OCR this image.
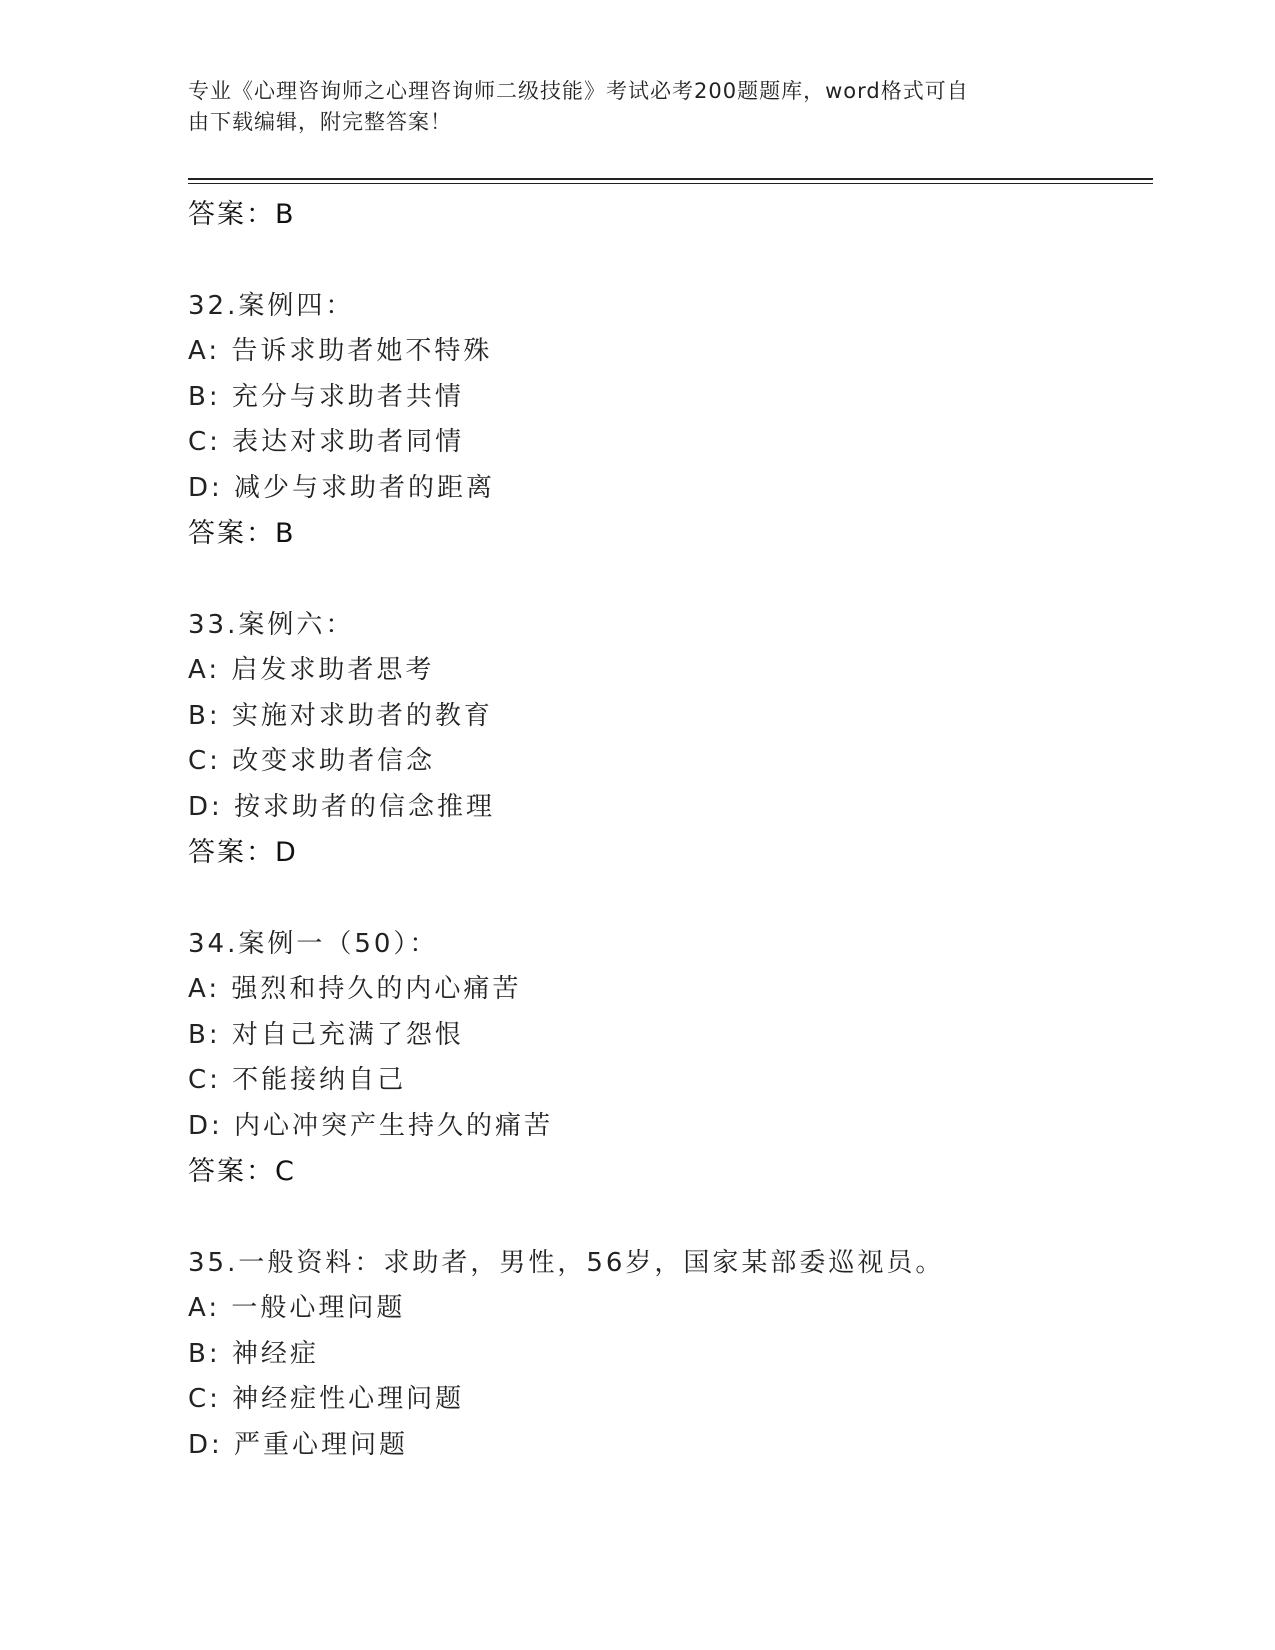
专业《心理咨询师之心理咨询师二级技能》考试必考200题题库，word格式可自
由下载编辑，附完整答案！
答案：B
32.案例四：
A: 告诉求助者她不特殊
B: 充分与求助者共情
C: 表达对求助者同情
D: 减少与求助者的距离
答案：B
33.案例六：
A: 启发求助者思考
B: 实施对求助者的教育
C: 改变求助者信念
D: 按求助者的信念推理
答案：D
34.案例一（50）：
A: 强烈和持久的内心痛苦
B: 对自己充满了怨恨
C: 不能接纳自己
D: 内心冲突产生持久的痛苦
答案：C
35.一般资料：求助者，男性，56岁，国家某部委巡视员。
A: 一般心理问题
B: 神经症
C: 神经症性心理问题
D: 严重心理问题
